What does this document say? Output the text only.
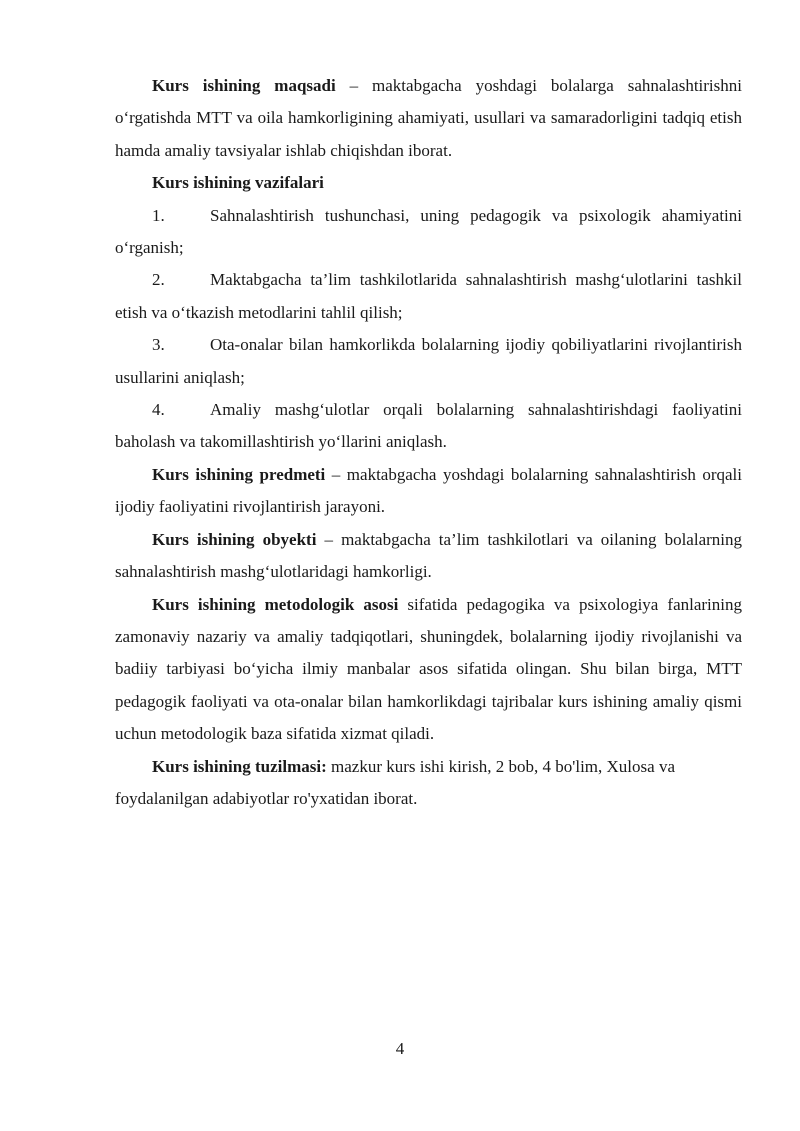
Kurs ishining maqsadi – maktabgacha yoshdagi bolalarga sahnalashtirishni o‘rgatishda MTT va oila hamkorligining ahamiyati, usullari va samaradorligini tadqiq etish hamda amaliy tavsiyalar ishlab chiqishdan iborat.

Kurs ishining vazifalari

1.	Sahnalashtirish tushunchasi, uning pedagogik va psixologik ahamiyatini o‘rganish;

2.	Maktabgacha ta’lim tashkilotlarida sahnalashtirish mashg‘ulotlarini tashkil etish va o‘tkazish metodlarini tahlil qilish;

3.	Ota-onalar bilan hamkorlikda bolalarning ijodiy qobiliyatlarini rivojlantirish usullarini aniqlash;

4.	Amaliy mashg‘ulotlar orqali bolalarning sahnalashtirishdagi faoliyatini baholash va takomillashtirish yo‘llarini aniqlash.

Kurs ishining predmeti – maktabgacha yoshdagi bolalarning sahnalashtirish orqali ijodiy faoliyatini rivojlantirish jarayoni.

Kurs ishining obyekti – maktabgacha ta’lim tashkilotlari va oilaning bolalarning sahnalashtirish mashg‘ulotlaridagi hamkorligi.

Kurs ishining metodologik asosi sifatida pedagogika va psixologiya fanlarining zamonaviy nazariy va amaliy tadqiqotlari, shuningdek, bolalarning ijodiy rivojlanishi va badiiy tarbiyasi bo‘yicha ilmiy manbalar asos sifatida olingan. Shu bilan birga, MTT pedagogik faoliyati va ota-onalar bilan hamkorlikdagi tajribalar kurs ishining amaliy qismi uchun metodologik baza sifatida xizmat qiladi.

Kurs ishining tuzilmasi: mazkur kurs ishi kirish, 2 bob, 4 bo'lim, Xulosa va foydalanilgan adabiyotlar ro'yxatidan iborat.

4
